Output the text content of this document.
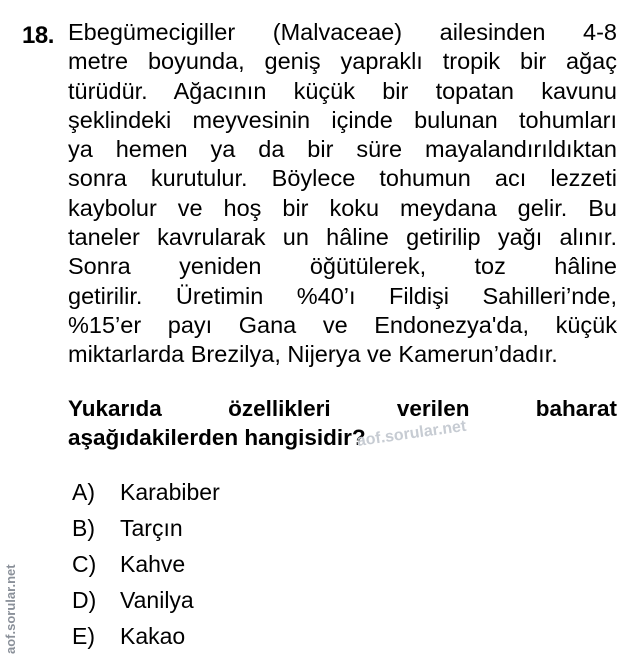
18. Ebegümecigiller (Malvaceae) ailesinden 4-8
metre boyunda, geniş yapraklı tropik bir ağaç
türüdür. Ağacının küçük bir topatan kavunu
şeklindeki meyvesinin içinde bulunan tohumları
ya hemen ya da bir süre mayalandırıldıktan
sonra kurutulur. Böylece tohumun acı lezzeti
kaybolur ve hoş bir koku meydana gelir. Bu
taneler kavrularak un hâline getirilip yağı alınır.
Sonra yeniden öğütülerek, toz hâline
getirilir. Üretimin %40’ı Fildişi Sahilleri’nde,
%15’er payı Gana ve Endonezya'da, küçük
miktarlarda Brezilya, Nijerya ve Kamerun’dadır.
Yukarıda özellikleri verilen baharat
aşağıdakilerden hangisidir?
aof.sorular.net
A)	Karabiber
B)	Tarçın
C)	Kahve
D)	Vanilya
E)	Kakao
aof.sorular.net
